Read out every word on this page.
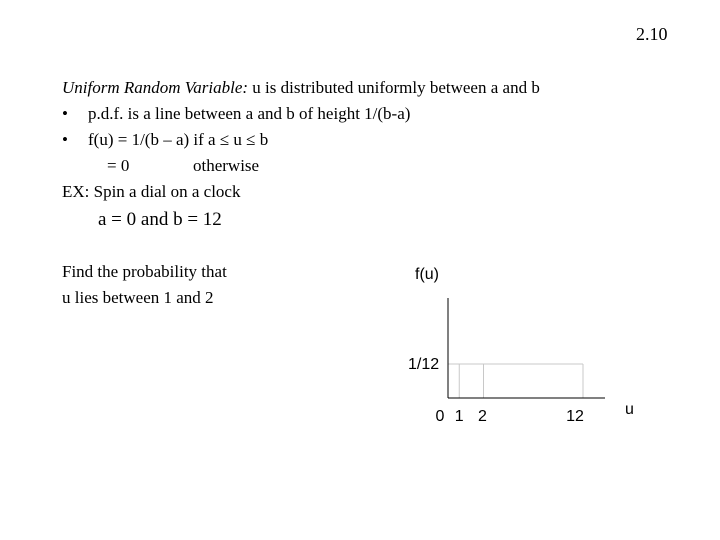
2.10
Uniform Random Variable: u is distributed uniformly between a and b
• p.d.f. is a line between a and b of height 1/(b-a)
• f(u) = 1/(b – a) if a ≤ u ≤ b
= 0	otherwise
EX: Spin a dial on a clock
a = 0 and b = 12
Find the probability that
u lies between 1 and 2
f(u)
1/12
u
0 1 2	12
